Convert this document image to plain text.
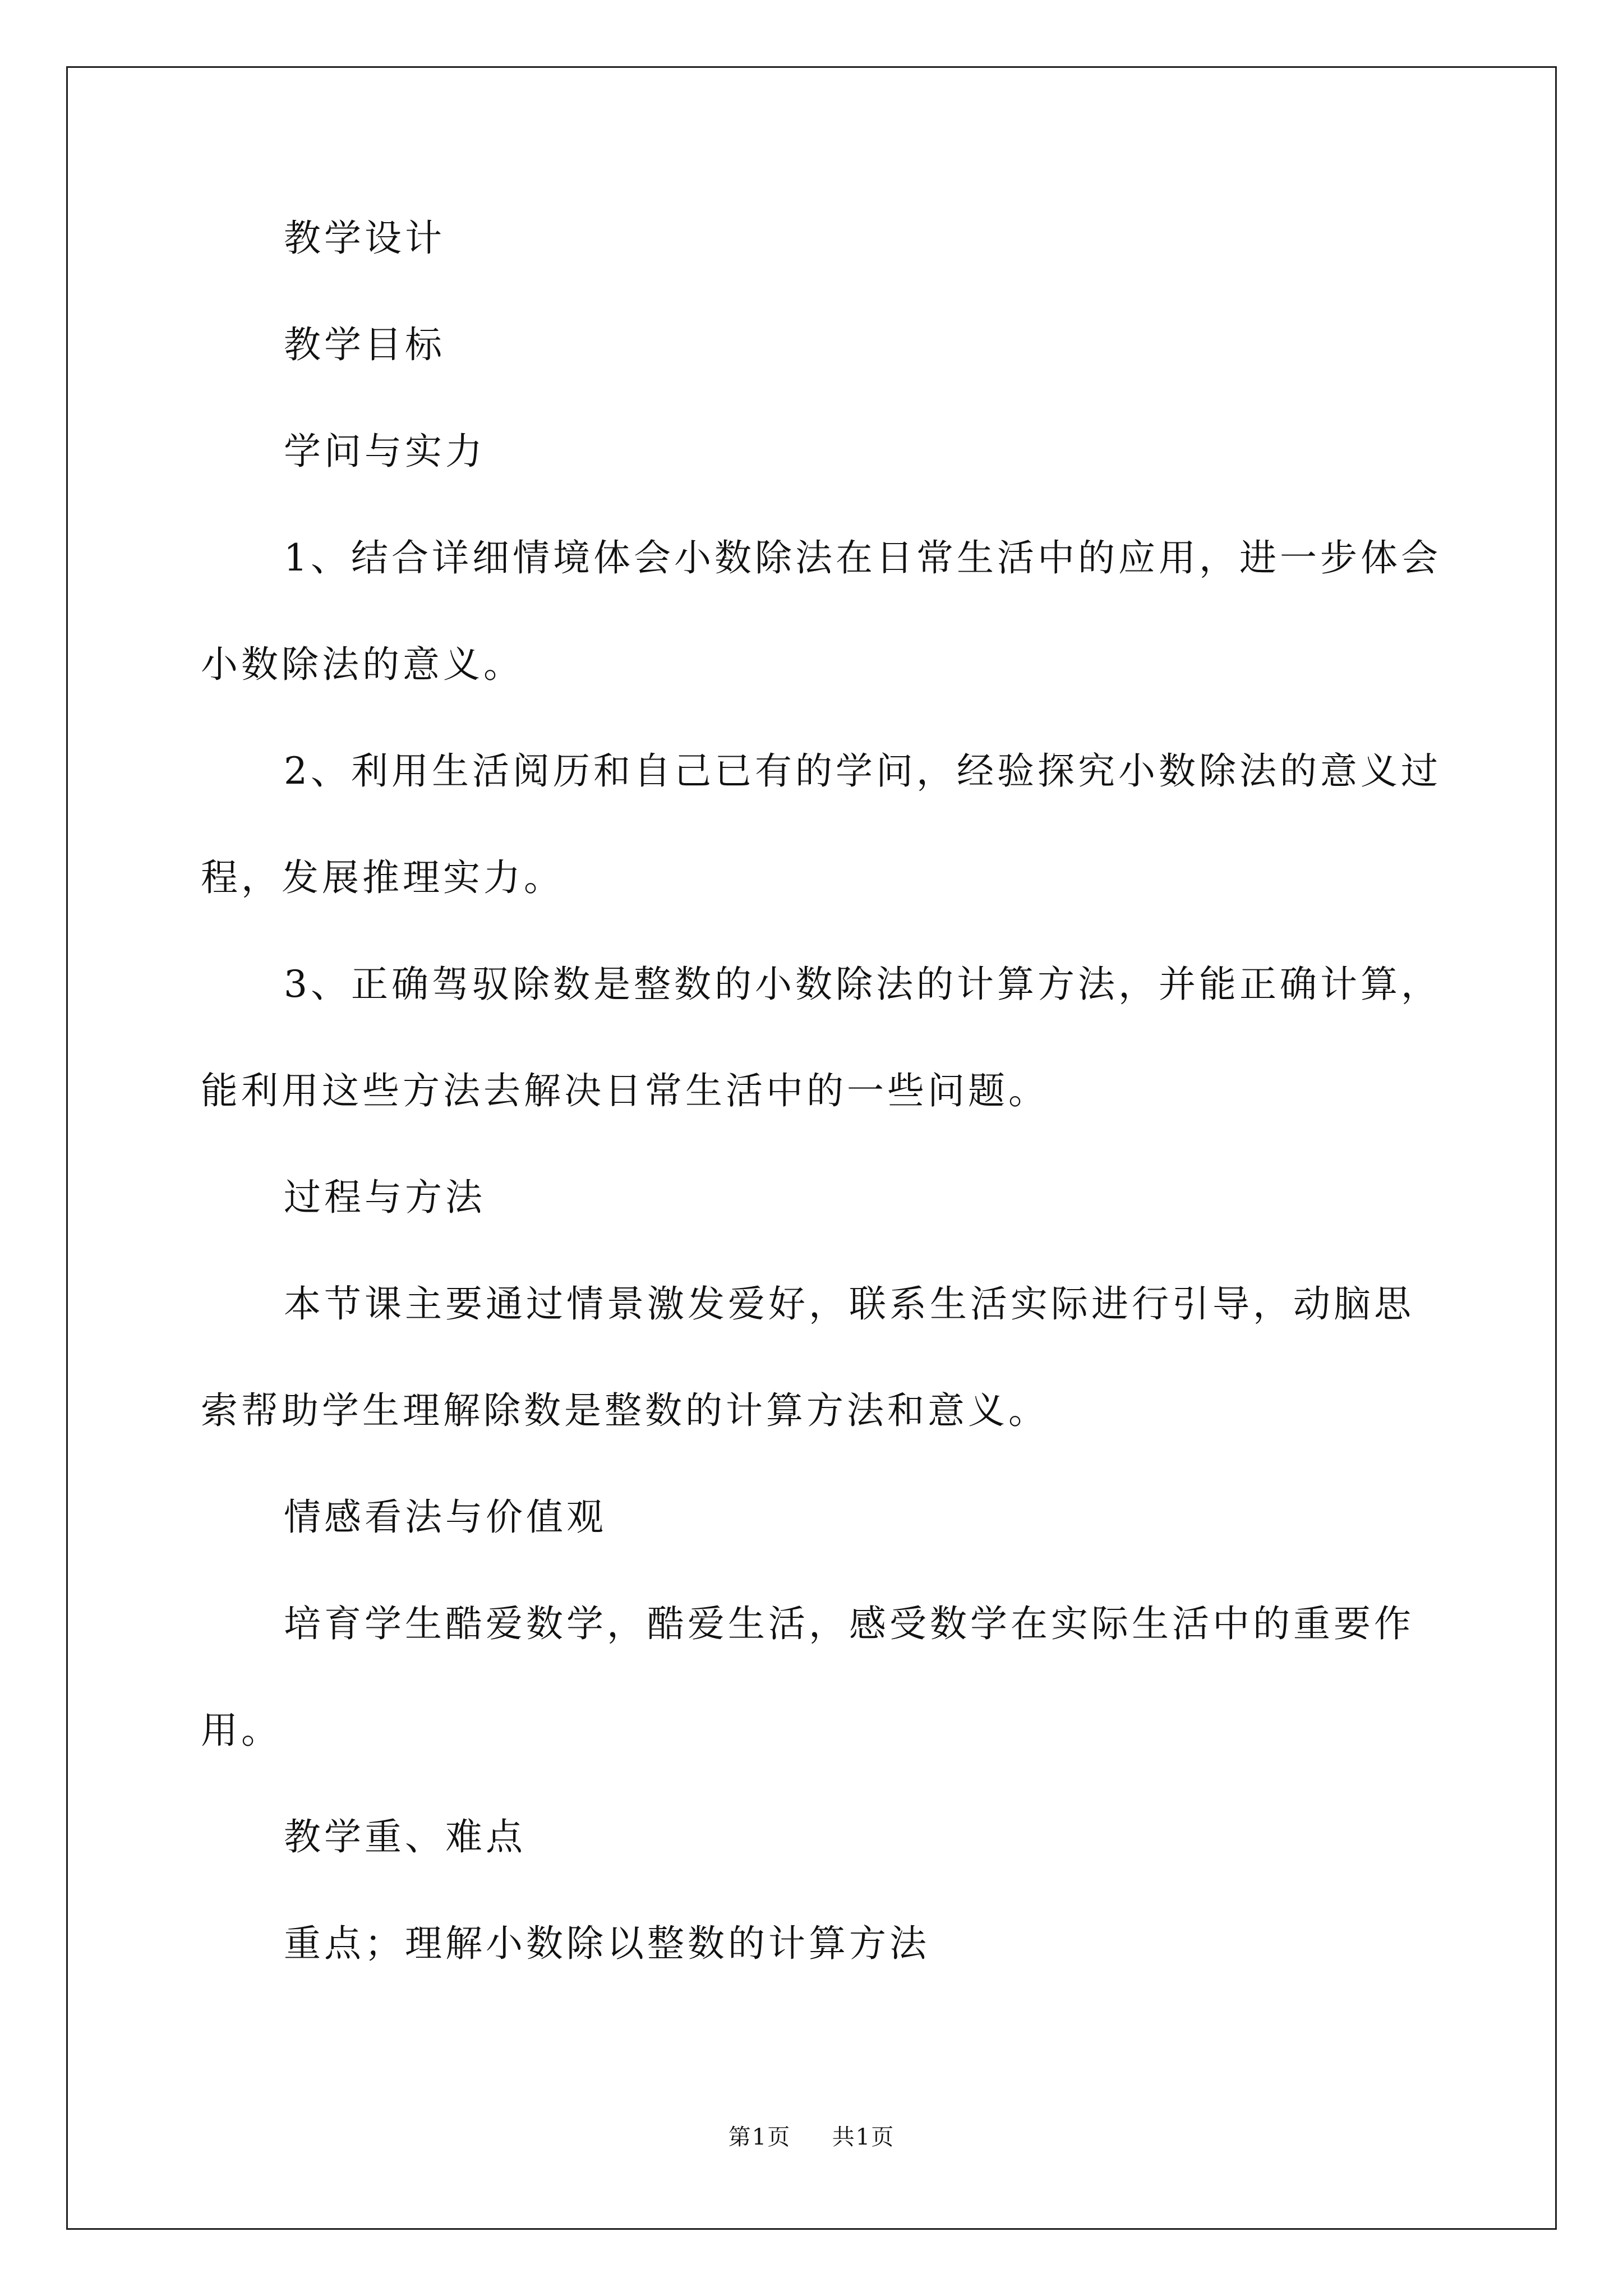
教学设计

教学目标

学问与实力

1、结合详细情境体会小数除法在日常生活中的应用，进一步体会

小数除法的意义。

2、利用生活阅历和自己已有的学问，经验探究小数除法的意义过

程，发展推理实力。

3、正确驾驭除数是整数的小数除法的计算方法，并能正确计算，

能利用这些方法去解决日常生活中的一些问题。

过程与方法

本节课主要通过情景激发爱好，联系生活实际进行引导，动脑思

索帮助学生理解除数是整数的计算方法和意义。

情感看法与价值观

培育学生酷爱数学，酷爱生活，感受数学在实际生活中的重要作

用。

教学重、难点

重点；理解小数除以整数的计算方法

第1页 共1页
